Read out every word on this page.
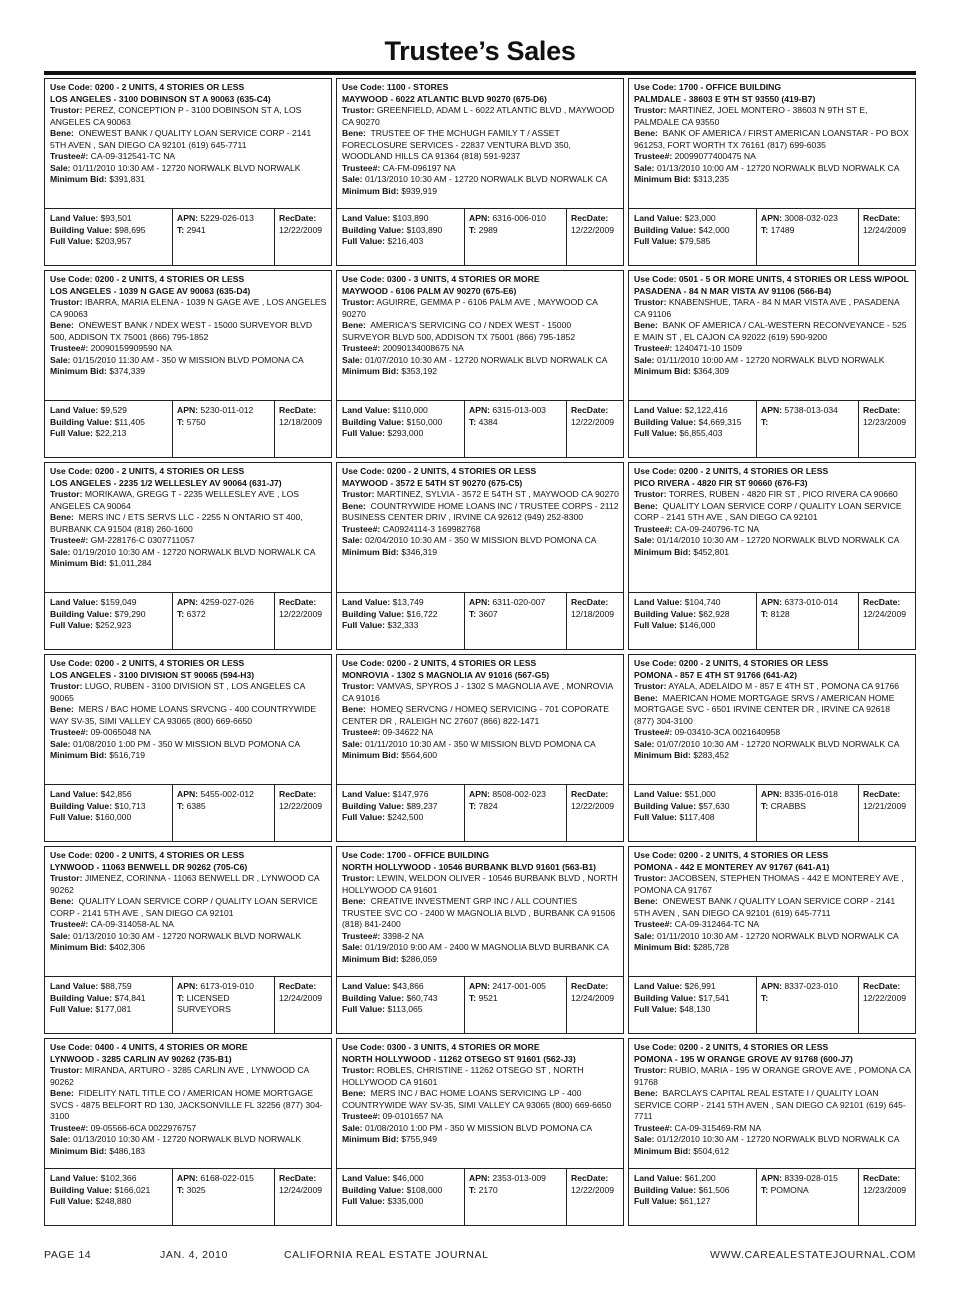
Trustee’s Sales
Use Code: 0200 - 2 UNITS, 4 STORIES OR LESS
LOS ANGELES - 3100 DOBINSON ST A 90063 (635-C4)
Trustor: PEREZ, CONCEPTION P - 3100 DOBINSON ST A, LOS ANGELES CA 90063
Bene: ONEWEST BANK / QUALITY LOAN SERVICE CORP - 2141 5TH AVEN , SAN DIEGO CA 92101 (619) 645-7711
Trustee#: CA-09-312541-TC NA
Sale: 01/11/2010 10:30 AM - 12720 NORWALK BLVD NORWALK
Minimum Bid: $391,831
Land Value: $93,501
Building Value: $98,695
Full Value: $203,957
APN: 5229-026-013
T: 2941
RecDate:
12/22/2009
Use Code: 1100 - STORES
MAYWOOD - 6022 ATLANTIC BLVD 90270 (675-D6)
Trustor: GREENFIELD, ADAM L - 6022 ATLANTIC BLVD , MAYWOOD CA 90270
Bene: TRUSTEE OF THE MCHUGH FAMILY T / ASSET FORECLOSURE SERVICES - 22837 VENTURA BLVD 350, WOODLAND HILLS CA 91364 (818) 591-9237
Trustee#: CA-FM-096197 NA
Sale: 01/13/2010 10:30 AM - 12720 NORWALK BLVD NORWALK CA
Minimum Bid: $939,919
Land Value: $103,890
Building Value: $103,890
Full Value: $216,403
APN: 6316-006-010
T: 2989
RecDate:
12/22/2009
Use Code: 1700 - OFFICE BUILDING
PALMDALE - 38603 E 9TH ST 93550 (419-B7)
Trustor: MARTINEZ, JOEL MONTERO - 38603 N 9TH ST E, PALMDALE CA 93550
Bene: BANK OF AMERICA / FIRST AMERICAN LOANSTAR - PO BOX 961253, FORT WORTH TX 76161 (817) 699-6035
Trustee#: 20099077400475 NA
Sale: 01/13/2010 10:00 AM - 12720 NORWALK BLVD NORWALK CA
Minimum Bid: $313,235
Land Value: $23,000
Building Value: $42,000
Full Value: $79,585
APN: 3008-032-023
T: 17489
RecDate:
12/24/2009
Use Code: 0200 - 2 UNITS, 4 STORIES OR LESS
LOS ANGELES - 1039 N GAGE AV 90063 (635-D4)
Trustor: IBARRA, MARIA ELENA - 1039 N GAGE AVE , LOS ANGELES CA 90063
Bene: ONEWEST BANK / NDEX WEST - 15000 SURVEYOR BLVD 500, ADDISON TX 75001 (866) 795-1852
Trustee#: 20090159909590 NA
Sale: 01/15/2010 11:30 AM - 350 W MISSION BLVD POMONA CA
Minimum Bid: $374,339
Land Value: $9,529
Building Value: $11,405
Full Value: $22,213
APN: 5230-011-012
T: 5750
RecDate:
12/18/2009
Use Code: 0300 - 3 UNITS, 4 STORIES OR MORE
MAYWOOD - 6106 PALM AV 90270 (675-E6)
Trustor: AGUIRRE, GEMMA P - 6106 PALM AVE , MAYWOOD CA 90270
Bene: AMERICA'S SERVICING CO / NDEX WEST - 15000 SURVEYOR BLVD 500, ADDISON TX 75001 (866) 795-1852
Trustee#: 20090134008675 NA
Sale: 01/07/2010 10:30 AM - 12720 NORWALK BLVD NORWALK CA
Minimum Bid: $353,192
Land Value: $110,000
Building Value: $150,000
Full Value: $293,000
APN: 6315-013-003
T: 4384
RecDate:
12/22/2009
Use Code: 0501 - 5 OR MORE UNITS, 4 STORIES OR LESS W/POOL
PASADENA - 84 N MAR VISTA AV 91106 (566-B4)
Trustor: KNABENSHUE, TARA - 84 N MAR VISTA AVE , PASADENA CA 91106
Bene: BANK OF AMERICA / CAL-WESTERN RECONVEYANCE - 525 E MAIN ST , EL CAJON CA 92022 (619) 590-9200
Trustee#: 1240471-10 1509
Sale: 01/11/2010 10:00 AM - 12720 NORWALK BLVD NORWALK
Minimum Bid: $364,309
Land Value: $2,122,416
Building Value: $4,669,315
Full Value: $6,855,403
APN: 5738-013-034
T:
RecDate:
12/23/2009
Use Code: 0200 - 2 UNITS, 4 STORIES OR LESS
LOS ANGELES - 2235 1/2 WELLESLEY AV 90064 (631-J7)
Trustor: MORIKAWA, GREGG T - 2235 WELLESLEY AVE , LOS ANGELES CA 90064
Bene: MERS INC / ETS SERVS LLC - 2255 N ONTARIO ST 400, BURBANK CA 91504 (818) 260-1600
Trustee#: GM-228176-C 0307711057
Sale: 01/19/2010 10:30 AM - 12720 NORWALK BLVD NORWALK CA
Minimum Bid: $1,011,284
Land Value: $159,049
Building Value: $79,290
Full Value: $252,923
APN: 4259-027-026
T: 6372
RecDate:
12/22/2009
Use Code: 0200 - 2 UNITS, 4 STORIES OR LESS
MAYWOOD - 3572 E 54TH ST 90270 (675-C5)
Trustor: MARTINEZ, SYLVIA - 3572 E 54TH ST , MAYWOOD CA 90270
Bene: COUNTRYWIDE HOME LOANS INC / TRUSTEE CORPS - 2112 BUSINESS CENTER DRIV , IRVINE CA 92612 (949) 252-8300
Trustee#: CA0924114-3 169982768
Sale: 02/04/2010 10:30 AM - 350 W MISSION BLVD POMONA CA
Minimum Bid: $346,319
Land Value: $13,749
Building Value: $16,722
Full Value: $32,333
APN: 6311-020-007
T: 3607
RecDate:
12/18/2009
Use Code: 0200 - 2 UNITS, 4 STORIES OR LESS
PICO RIVERA - 4820 FIR ST 90660 (676-F3)
Trustor: TORRES, RUBEN - 4820 FIR ST , PICO RIVERA CA 90660
Bene: QUALITY LOAN SERVICE CORP / QUALITY LOAN SERVICE CORP - 2141 5TH AVE , SAN DIEGO CA 92101
Trustee#: CA-09-240796-TC NA
Sale: 01/14/2010 10:30 AM - 12720 NORWALK BLVD NORWALK CA
Minimum Bid: $452,801
Land Value: $104,740
Building Value: $62,928
Full Value: $146,000
APN: 6373-010-014
T: 8128
RecDate:
12/24/2009
Use Code: 0200 - 2 UNITS, 4 STORIES OR LESS
LOS ANGELES - 3100 DIVISION ST 90065 (594-H3)
Trustor: LUGO, RUBEN - 3100 DIVISION ST , LOS ANGELES CA 90065
Bene: MERS / BAC HOME LOANS SRVCNG - 400 COUNTRYWIDE WAY SV-35, SIMI VALLEY CA 93065 (800) 669-6650
Trustee#: 09-0065048 NA
Sale: 01/08/2010 1:00 PM - 350 W MISSION BLVD POMONA CA
Minimum Bid: $516,719
Land Value: $42,856
Building Value: $10,713
Full Value: $160,000
APN: 5455-002-012
T: 6385
RecDate:
12/22/2009
Use Code: 0200 - 2 UNITS, 4 STORIES OR LESS
MONROVIA - 1302 S MAGNOLIA AV 91016 (567-G5)
Trustor: VAMVAS, SPYROS J - 1302 S MAGNOLIA AVE , MONROVIA CA 91016
Bene: HOMEQ SERVCNG / HOMEQ SERVICING - 701 COPORATE CENTER DR , RALEIGH NC 27607 (866) 822-1471
Trustee#: 09-34622 NA
Sale: 01/11/2010 10:30 AM - 350 W MISSION BLVD POMONA CA
Minimum Bid: $564,600
Land Value: $147,976
Building Value: $89,237
Full Value: $242,500
APN: 8508-002-023
T: 7824
RecDate:
12/22/2009
Use Code: 0200 - 2 UNITS, 4 STORIES OR LESS
POMONA - 857 E 4TH ST 91766 (641-A2)
Trustor: AYALA, ADELAIDO M - 857 E 4TH ST , POMONA CA 91766
Bene: MAERICAN HOME MORTGAGE SRVS / AMERICAN HOME MORTGAGE SVC - 6501 IRVINE CENTER DR , IRVINE CA 92618 (877) 304-3100
Trustee#: 09-03410-3CA 0021640958
Sale: 01/07/2010 10:30 AM - 12720 NORWALK BLVD NORWALK CA
Minimum Bid: $283,452
Land Value: $51,000
Building Value: $57,630
Full Value: $117,408
APN: 8335-016-018
T: CRABBS
RecDate:
12/21/2009
Use Code: 0200 - 2 UNITS, 4 STORIES OR LESS
LYNWOOD - 11063 BENWELL DR 90262 (705-C6)
Trustor: JIMENEZ, CORINNA - 11063 BENWELL DR , LYNWOOD CA 90262
Bene: QUALITY LOAN SERVICE CORP / QUALITY LOAN SERVICE CORP - 2141 5TH AVE , SAN DIEGO CA 92101
Trustee#: CA-09-314058-AL NA
Sale: 01/13/2010 10:30 AM - 12720 NORWALK BLVD NORWALK
Minimum Bid: $402,306
Land Value: $88,759
Building Value: $74,841
Full Value: $177,081
APN: 6173-019-010
T: LICENSED SURVEYORS
RecDate:
12/24/2009
Use Code: 1700 - OFFICE BUILDING
NORTH HOLLYWOOD - 10546 BURBANK BLVD 91601 (563-B1)
Trustor: LEWIN, WELDON OLIVER - 10546 BURBANK BLVD , NORTH HOLLYWOOD CA 91601
Bene: CREATIVE INVESTMENT GRP INC / ALL COUNTIES TRUSTEE SVC CO - 2400 W MAGNOLIA BLVD , BURBANK CA 91506 (818) 841-2400
Trustee#: 3398-2 NA
Sale: 01/19/2010 9:00 AM - 2400 W MAGNOLIA BLVD BURBANK CA
Minimum Bid: $286,059
Land Value: $43,866
Building Value: $60,743
Full Value: $113,065
APN: 2417-001-005
T: 9521
RecDate:
12/24/2009
Use Code: 0200 - 2 UNITS, 4 STORIES OR LESS
POMONA - 442 E MONTEREY AV 91767 (641-A1)
Trustor: JACOBSEN, STEPHEN THOMAS - 442 E MONTEREY AVE , POMONA CA 91767
Bene: ONEWEST BANK / QUALITY LOAN SERVICE CORP - 2141 5TH AVEN , SAN DIEGO CA 92101 (619) 645-7711
Trustee#: CA-09-312464-TC NA
Sale: 01/11/2010 10:30 AM - 12720 NORWALK BLVD NORWALK CA
Minimum Bid: $285,728
Land Value: $26,991
Building Value: $17,541
Full Value: $48,130
APN: 8337-023-010
T:
RecDate:
12/22/2009
Use Code: 0400 - 4 UNITS, 4 STORIES OR MORE
LYNWOOD - 3285 CARLIN AV 90262 (735-B1)
Trustor: MIRANDA, ARTURO - 3285 CARLIN AVE , LYNWOOD CA 90262
Bene: FIDELITY NATL TITLE CO / AMERICAN HOME MORTGAGE SVCS - 4875 BELFORT RD 130, JACKSONVILLE FL 32256 (877) 304-3100
Trustee#: 09-05566-6CA 0022976757
Sale: 01/13/2010 10:30 AM - 12720 NORWALK BLVD NORWALK
Minimum Bid: $486,183
Land Value: $102,366
Building Value: $166,021
Full Value: $248,880
APN: 6168-022-015
T: 3025
RecDate:
12/24/2009
Use Code: 0300 - 3 UNITS, 4 STORIES OR MORE
NORTH HOLLYWOOD - 11262 OTSEGO ST 91601 (562-J3)
Trustor: ROBLES, CHRISTINE - 11262 OTSEGO ST , NORTH HOLLYWOOD CA 91601
Bene: MERS INC / BAC HOME LOANS SERVICING LP - 400 COUNTRYWIDE WAY SV-35, SIMI VALLEY CA 93065 (800) 669-6650
Trustee#: 09-0101657 NA
Sale: 01/08/2010 1:00 PM - 350 W MISSION BLVD POMONA CA
Minimum Bid: $755,949
Land Value: $46,000
Building Value: $108,000
Full Value: $335,000
APN: 2353-013-009
T: 2170
RecDate:
12/22/2009
Use Code: 0200 - 2 UNITS, 4 STORIES OR LESS
POMONA - 195 W ORANGE GROVE AV 91768 (600-J7)
Trustor: RUBIO, MARIA - 195 W ORANGE GROVE AVE , POMONA CA 91768
Bene: BARCLAYS CAPITAL REAL ESTATE I / QUALITY LOAN SERVICE CORP - 2141 5TH AVEN , SAN DIEGO CA 92101 (619) 645-7711
Trustee#: CA-09-315469-RM NA
Sale: 01/12/2010 10:30 AM - 12720 NORWALK BLVD NORWALK CA
Minimum Bid: $504,612
Land Value: $61,200
Building Value: $61,506
Full Value: $61,127
APN: 8339-028-015
T: POMONA
RecDate:
12/23/2009
PAGE 14	JAN. 4, 2010	CALIFORNIA REAL ESTATE JOURNAL	WWW.CAREALESTATEJOURNAL.COM
